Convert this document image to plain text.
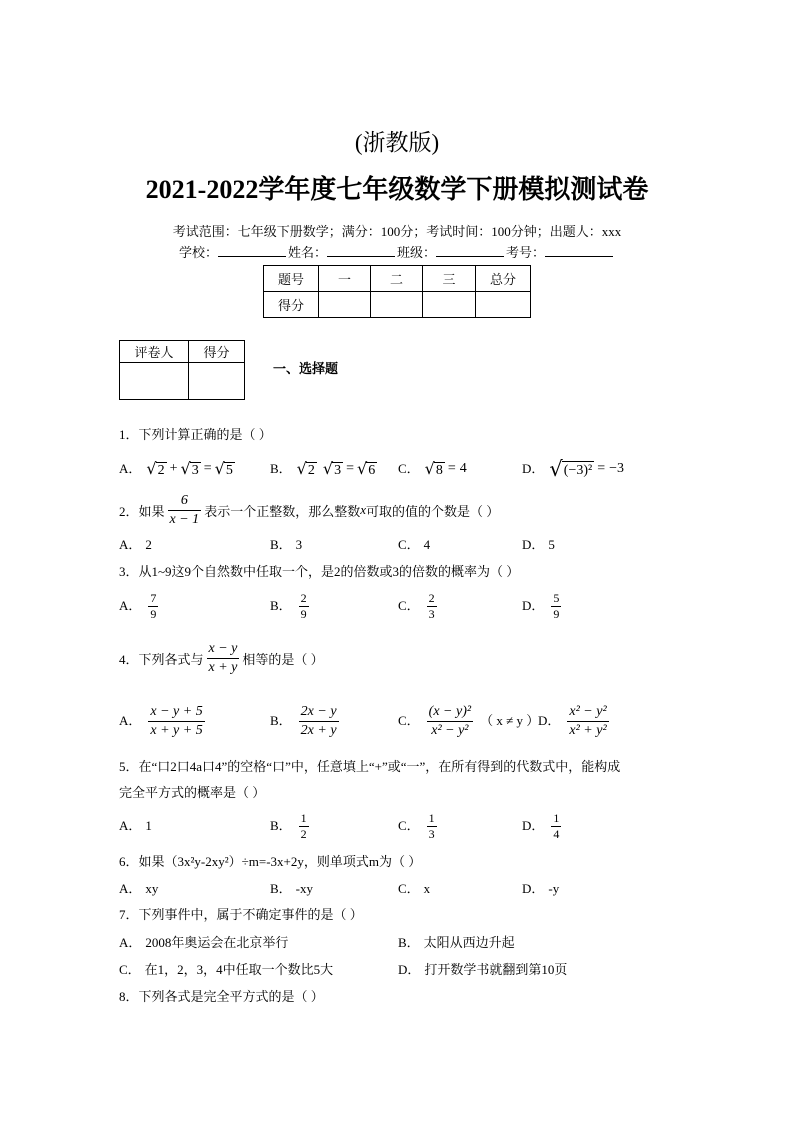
(浙教版)
2021-2022学年度七年级数学下册模拟测试卷
考试范围：七年级下册数学；满分：100分；考试时间：100分钟；出题人：xxx
学校：	姓名：	班级：	考号：
题号	一	二	三	总分
得分				
评卷人	得分

一、选择题
1．下列计算正确的是（ ）
A． √ 2 + √ 3 = √ 5	B． √ 2 √ 3 = √ 6 C． √ 8 = 4	D． √ (−3)² = −3
2．如果 $\frac{6}{x - 1}$ 表示一个正整数，那么整数 x 可取的值的个数是（ ）
A． 2	B． 3	C． 4	D． 5
3．从1~9这9个自然数中任取一个，是2的倍数或3的倍数的概率为（ ）
A． $\frac{7}{9}$	B． $\frac{2}{9}$	C． $\frac{2}{3}$	D． $\frac{5}{9}$
4．下列各式与 $\frac{x - y}{x + y}$ 相等的是（ ）
A． $\frac{x - y + 5}{x + y + 5}$	B． $\frac{2x - y}{2x + y}$	C． $\frac{\text{(x − y)²}}{\text{x² − y²}}$ （ x ≠ y ）
D． $\frac{\text{x² − y²}}{\text{x² + y²}}$
5．在“口2口4a口4”的空格“口”中，任意填上“+”或“一”，在所有得到的代数式中，能构成
完全平方式的概率是（ ）
A． 1	B． $\frac{1}{2}$	C． $\frac{1}{3}$	D． $\frac{1}{4}$
6．如果（3x²y-2xy²）÷m=-3x+2y，则单项式m为（ ）
A． xy	B． -xy	C． x	D． -y
7．下列事件中，属于不确定事件的是（ ）
A． 2008年奥运会在北京举行	B． 太阳从西边升起
C． 在1，2，3，4中任取一个数比5大	D． 打开数学书就翻到第10页
8．下列各式是完全平方式的是（ ）
